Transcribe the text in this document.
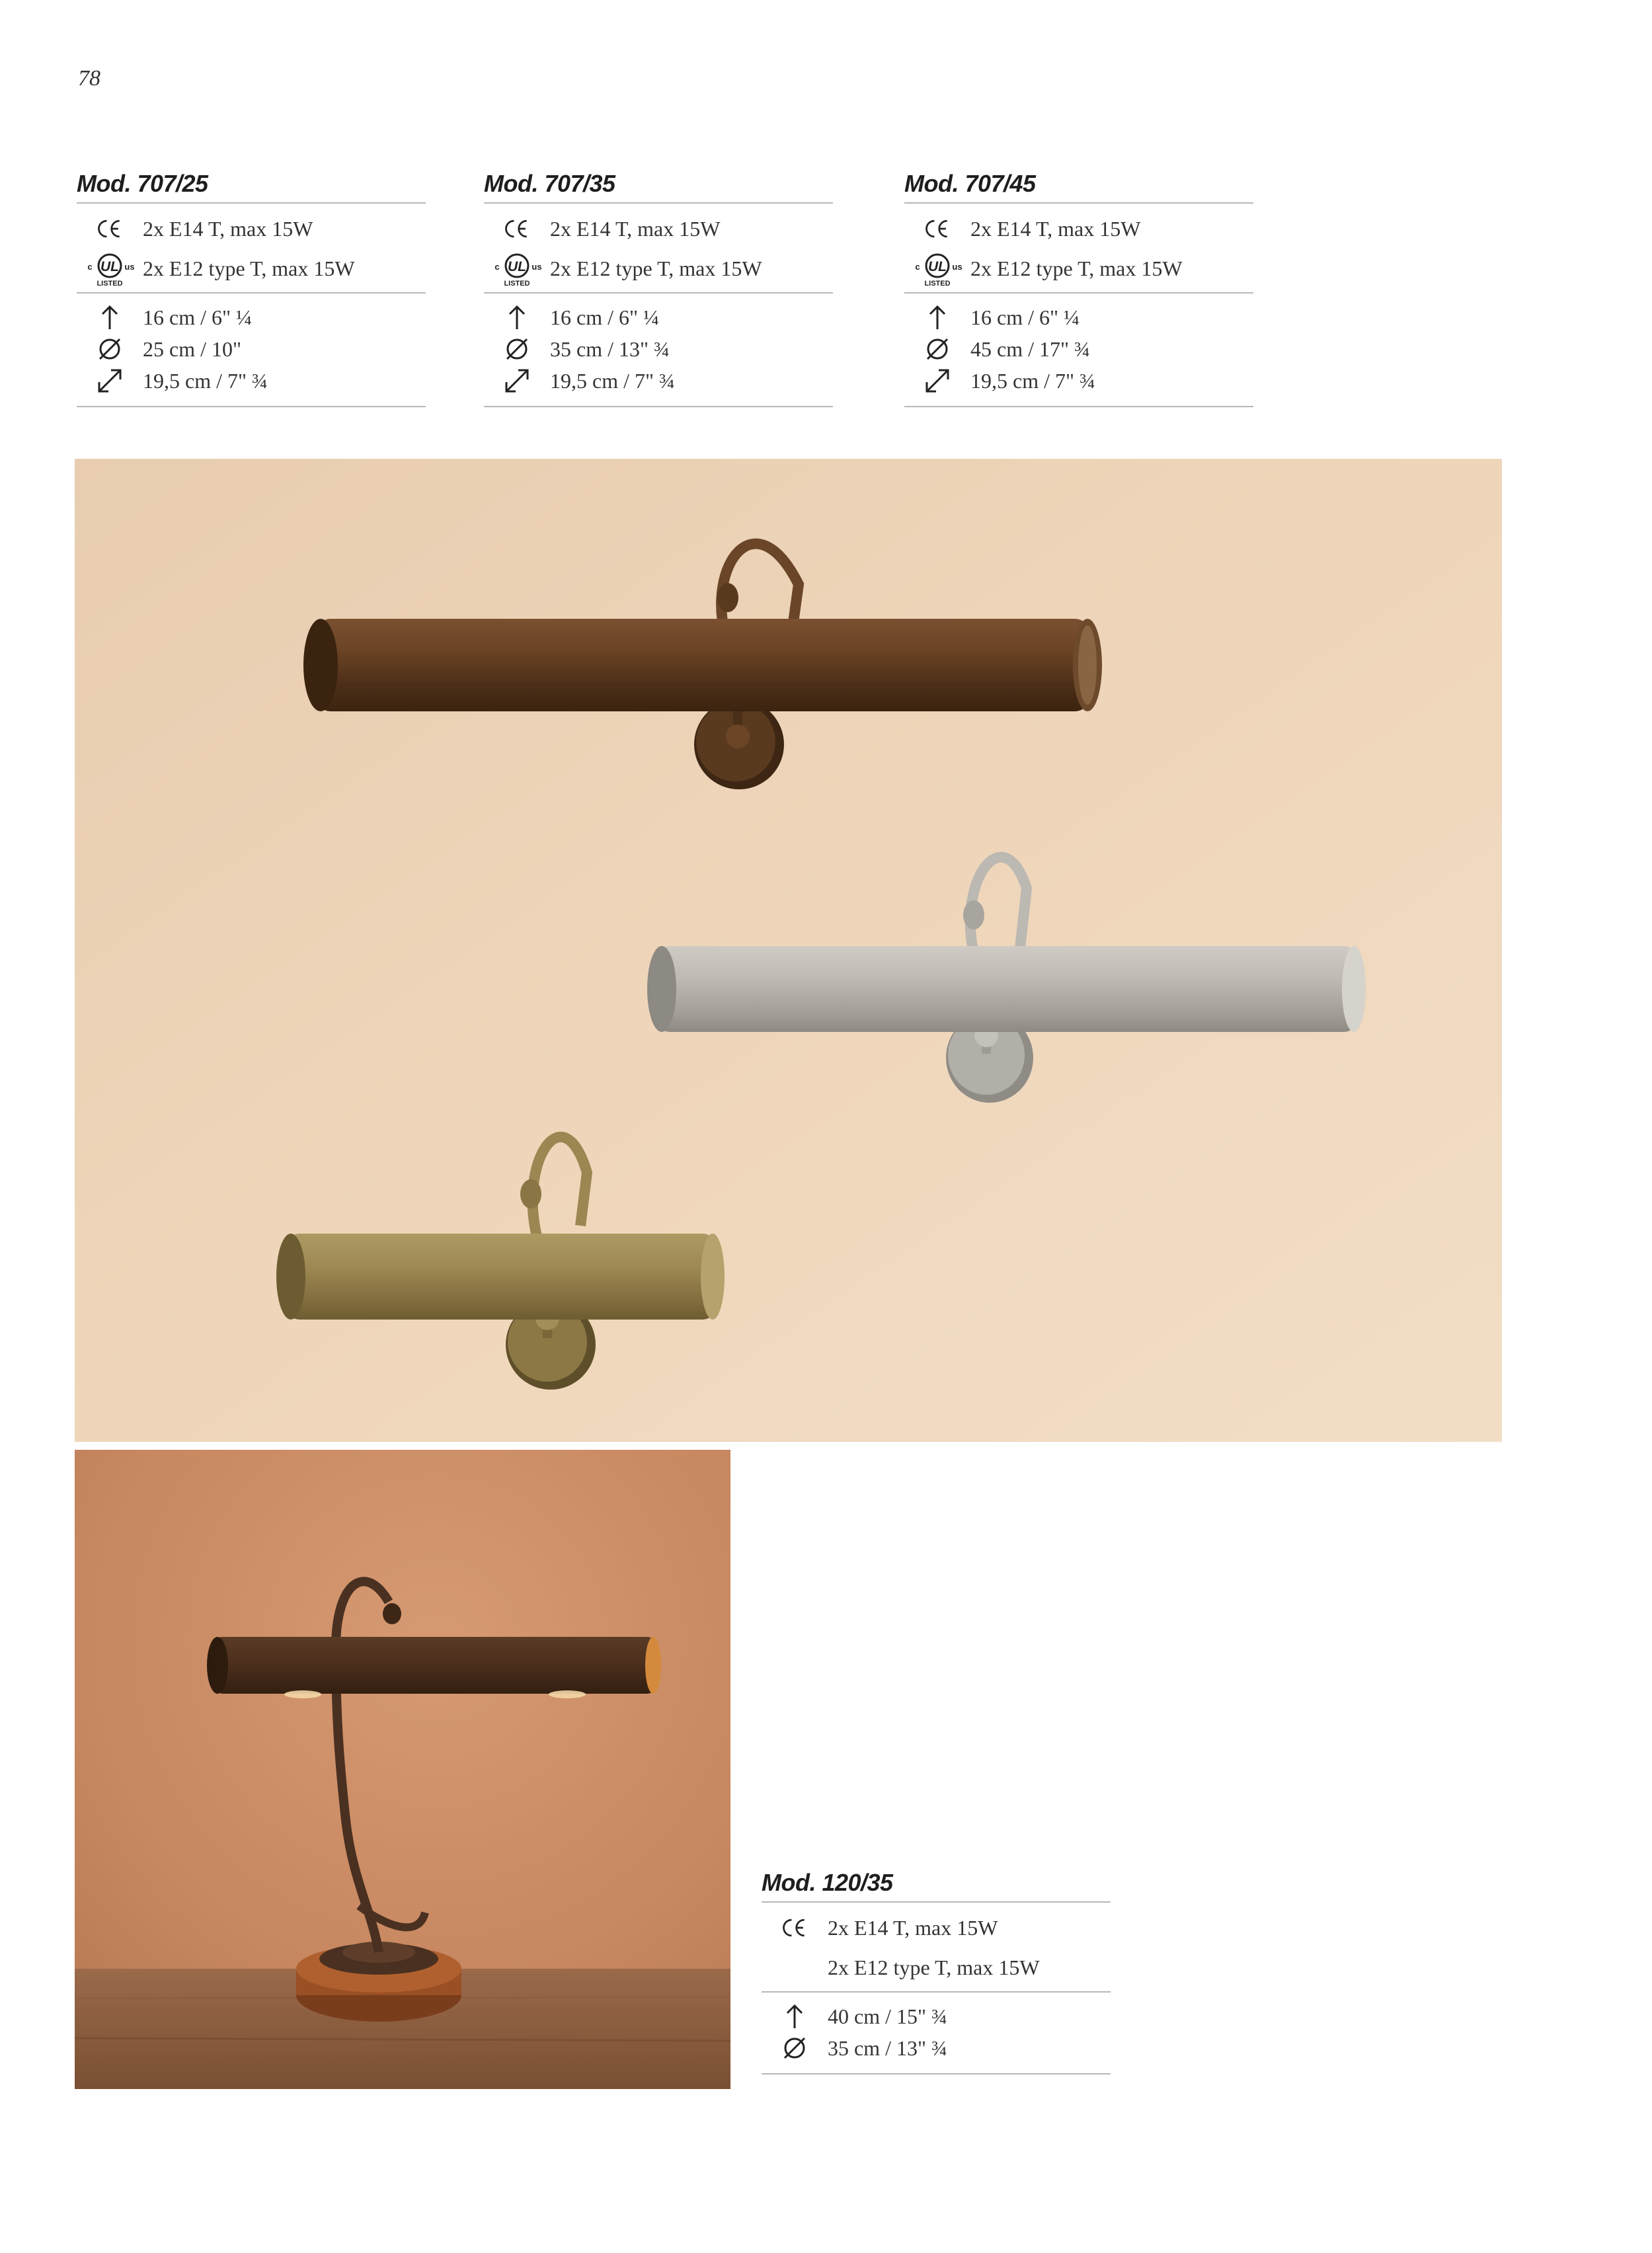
78
Mod. 707/25
2x E14 T, max 15W
UL
c	us
LISTED
2x E12 type T, max 15W
16 cm / 6" ¼
25 cm / 10"
19,5 cm / 7" ¾
Mod. 707/35
2x E14 T, max 15W
UL
c	us
LISTED
2x E12 type T, max 15W
16 cm / 6" ¼
35 cm / 13" ¾
19,5 cm / 7" ¾
Mod. 707/45
2x E14 T, max 15W
UL
c	us
LISTED
2x E12 type T, max 15W
16 cm / 6" ¼
45 cm / 17" ¾
19,5 cm / 7" ¾
Mod. 120/35
2x E14 T, max 15W
2x E12 type T, max 15W
40 cm / 15" ¾
35 cm / 13" ¾
